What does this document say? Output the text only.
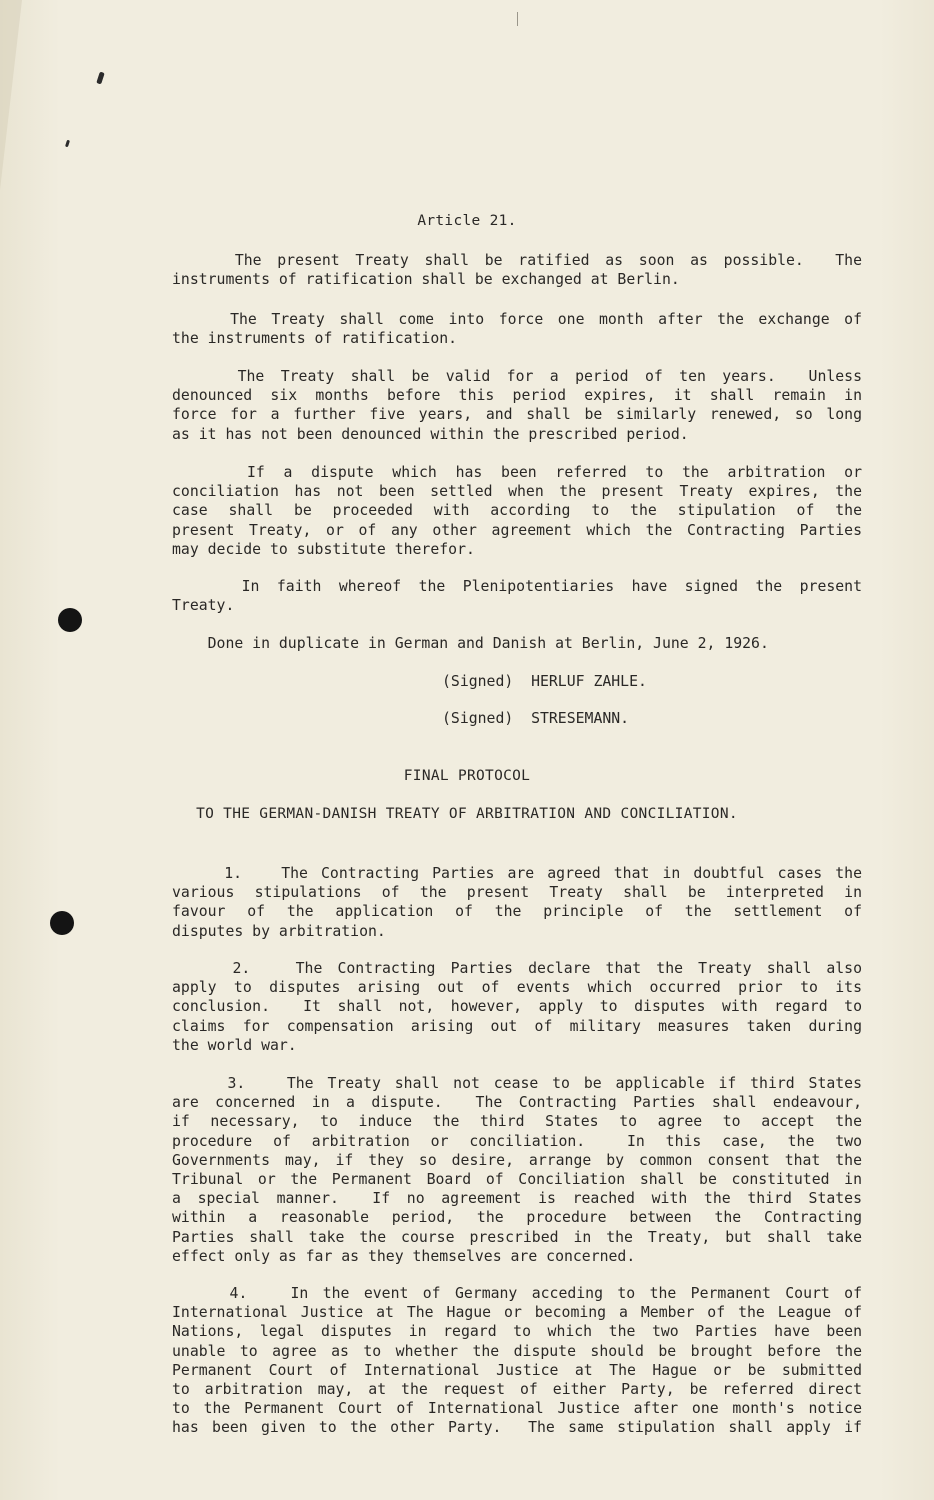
Article 21.
The present Treaty shall be ratified as soon as possible.  The
instruments of ratification shall be exchanged at Berlin.
The Treaty shall come into force one month after the exchange of
the instruments of ratification.
The Treaty shall be valid for a period of ten years.  Unless
denounced six months before this period expires, it shall remain in
force for a further five years, and shall be similarly renewed, so long
as it has not been denounced within the prescribed period.
If a dispute which has been referred to the arbitration or
conciliation has not been settled when the present Treaty expires, the
case shall be proceeded with according to the stipulation of the
present Treaty, or of any other agreement which the Contracting Parties
may decide to substitute therefor.
In faith whereof the Plenipotentiaries have signed the present
Treaty.
Done in duplicate in German and Danish at Berlin, June 2, 1926.
(Signed)  HERLUF ZAHLE.
(Signed)  STRESEMANN.
FINAL PROTOCOL
TO THE GERMAN-DANISH TREATY OF ARBITRATION AND CONCILIATION.
1.   The Contracting Parties are agreed that in doubtful cases the
various stipulations of the present Treaty shall be interpreted in
favour of the application of the principle of the settlement of
disputes by arbitration.
2.   The Contracting Parties declare that the Treaty shall also
apply to disputes arising out of events which occurred prior to its
conclusion.  It shall not, however, apply to disputes with regard to
claims for compensation arising out of military measures taken during
the world war.
3.   The Treaty shall not cease to be applicable if third States
are concerned in a dispute.  The Contracting Parties shall endeavour,
if necessary, to induce the third States to agree to accept the
procedure of arbitration or conciliation.  In this case, the two
Governments may, if they so desire, arrange by common consent that the
Tribunal or the Permanent Board of Conciliation shall be constituted in
a special manner.  If no agreement is reached with the third States
within a reasonable period, the procedure between the Contracting
Parties shall take the course prescribed in the Treaty, but shall take
effect only as far as they themselves are concerned.
4.   In the event of Germany acceding to the Permanent Court of
International Justice at The Hague or becoming a Member of the League of
Nations, legal disputes in regard to which the two Parties have been
unable to agree as to whether the dispute should be brought before the
Permanent Court of International Justice at The Hague or be submitted
to arbitration may, at the request of either Party, be referred direct
to the Permanent Court of International Justice after one month's notice
has been given to the other Party.  The same stipulation shall apply if
